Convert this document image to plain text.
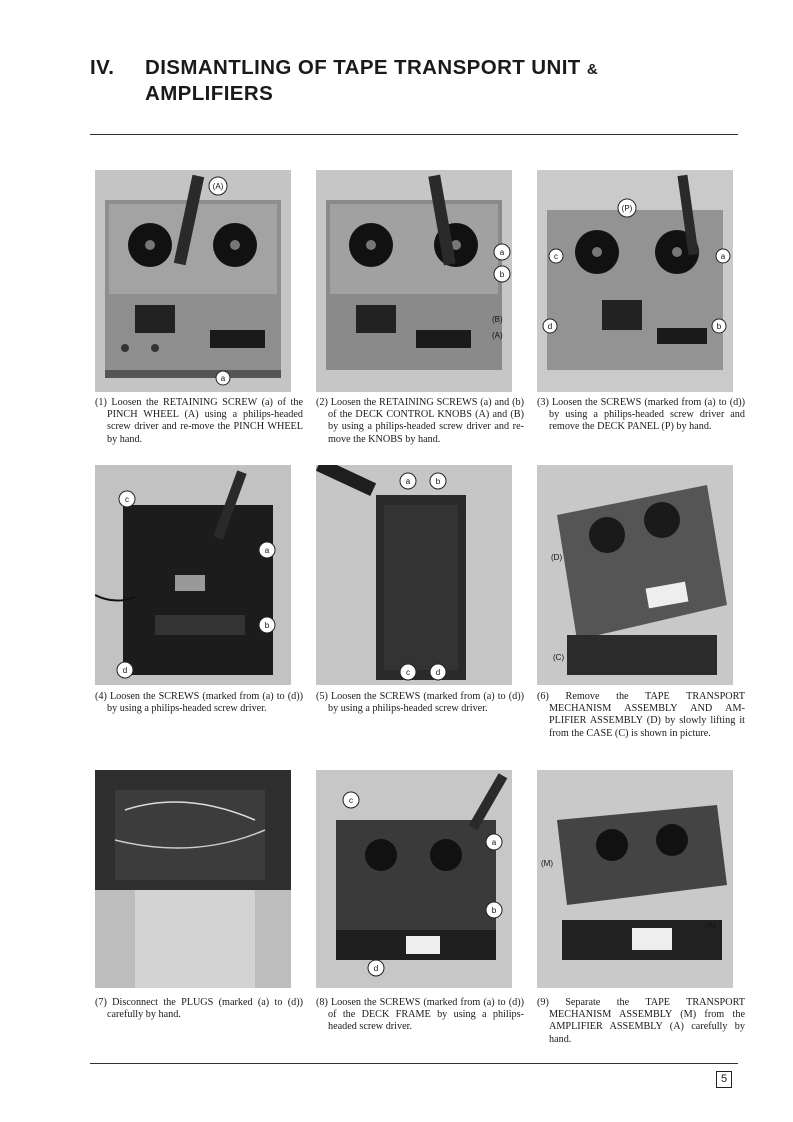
IV. DISMANTLING OF TAPE TRANSPORT UNIT &
AMPLIFIERS
(A)
a
(1) Loosen the RETAINING SCREW (a) of the PINCH WHEEL (A) using a philips-headed screw driver and re-move the PINCH WHEEL by hand.
a
b
(B)
(A)
(2) Loosen the RETAINING SCREWS (a) and (b) of the DECK CONTROL KNOBS (A) and (B) by using a philips-headed screw driver and re-move the KNOBS by hand.
(P)
c	a
d	b
(3) Loosen the SCREWS (marked from (a) to (d)) by using a philips-headed screw driver and remove the DECK PANEL (P) by hand.
c
a
b
d
(4) Loosen the SCREWS (marked from (a) to (d)) by using a philips-headed screw driver.
a	b
c	d
(5) Loosen the SCREWS (marked from (a) to (d)) by using a philips-headed screw driver.
(D)
(C)
(6) Remove the TAPE TRANSPORT MECHANISM ASSEMBLY AND AM-PLIFIER ASSEMBLY (D) by slowly lifting it from the CASE (C) is shown in picture.
(7) Disconnect the PLUGS (marked (a) to (d)) carefully by hand.
c
a
b
d
(8) Loosen the SCREWS (marked from (a) to (d)) of the DECK FRAME by using a philips-headed screw driver.
(M)
(A)
(9) Separate the TAPE TRANSPORT MECHANISM ASSEMBLY (M) from the AMPLIFIER ASSEMBLY (A) carefully by hand.
5
